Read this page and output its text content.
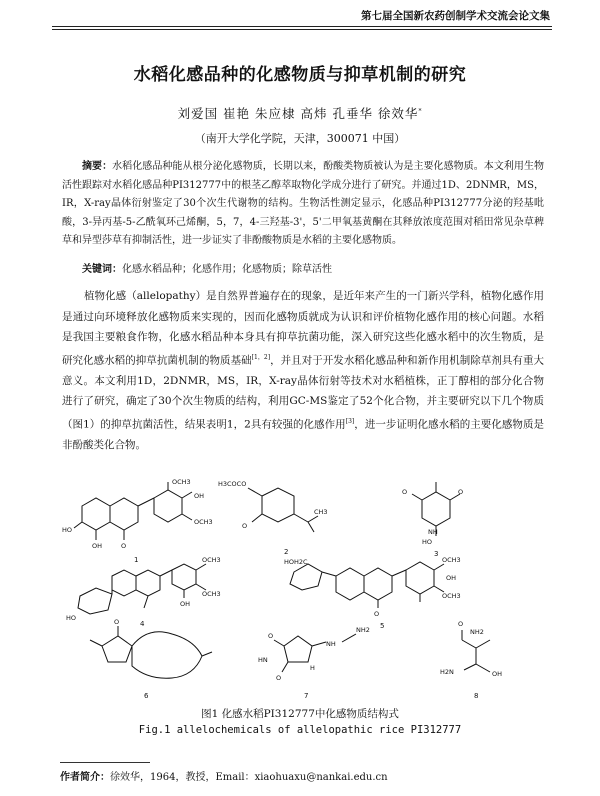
第七届全国新农药创制学术交流会论文集
水稻化感品种的化感物质与抑草机制的研究
刘爱国 崔艳 朱应棣 高炜 孔垂华 徐效华*
（南开大学化学院，天津，300071 中国）
摘要：水稻化感品种能从根分泌化感物质，长期以来，酚酸类物质被认为是主要化感物质。本文利用生物活性跟踪对水稻化感品种PI312777中的根茎乙醇萃取物化学成分进行了研究。并通过1D、2DNMR，MS，IR，X-ray晶体衍射鉴定了30个次生代谢物的结构。生物活性测定显示，化感品种PI312777分泌的羟基吡酸，3-异丙基-5-乙酰氧环己烯酮，5，7，4-三羟基-3'，5'二甲氧基黄酮在其释放浓度范围对稻田常见杂草稗草和异型莎草有抑制活性，进一步证实了非酚酸物质是水稻的主要化感物质。
关键词：化感水稻品种；化感作用；化感物质；除草活性
植物化感（allelopathy）是自然界普遍存在的现象，是近年来产生的一门新兴学科，植物化感作用是通过向环境释放化感物质来实现的，因而化感物质就成为认识和评价植物化感作用的核心问题。水稻是我国主要粮食作物，化感水稻品种本身具有抑草抗菌功能，深入研究这些化感水稻中的次生物质，是研究化感水稻的抑草抗菌机制的物质基础[1，2]，并且对于开发水稻化感品种和新作用机制除草剂具有重大意义。本文利用1D，2DNMR，MS，IR，X-ray晶体衍射等技术对水稻植株，正丁醇相的部分化合物进行了研究，确定了30个次生物质的结构，利用GC-MS鉴定了52个化合物，并主要研究以下几个物质（图1）的抑草抗菌活性，结果表明1，2具有较强的化感作用[3]，进一步证明化感水稻的主要化感物质是非酚酸类化合物。
OCH3
OH
OCH3
HO
OH	O
1
H3COCO
CH3
O
2
O	O
NH
HO
3
OCH3
OCH3
OH
HO
4
HOH2C	OCH3
OH
OCH3
O
5
O
6
HN
NH
O
O
NH2
H
7
NH2
OH
H2N
O
8
图1 化感水稻PI312777中化感物质结构式
Fig.1 allelochemicals of allelopathic rice PI312777
作者简介：徐效华，1964，教授，Email：xiaohuaxu@nankai.edu.cn
